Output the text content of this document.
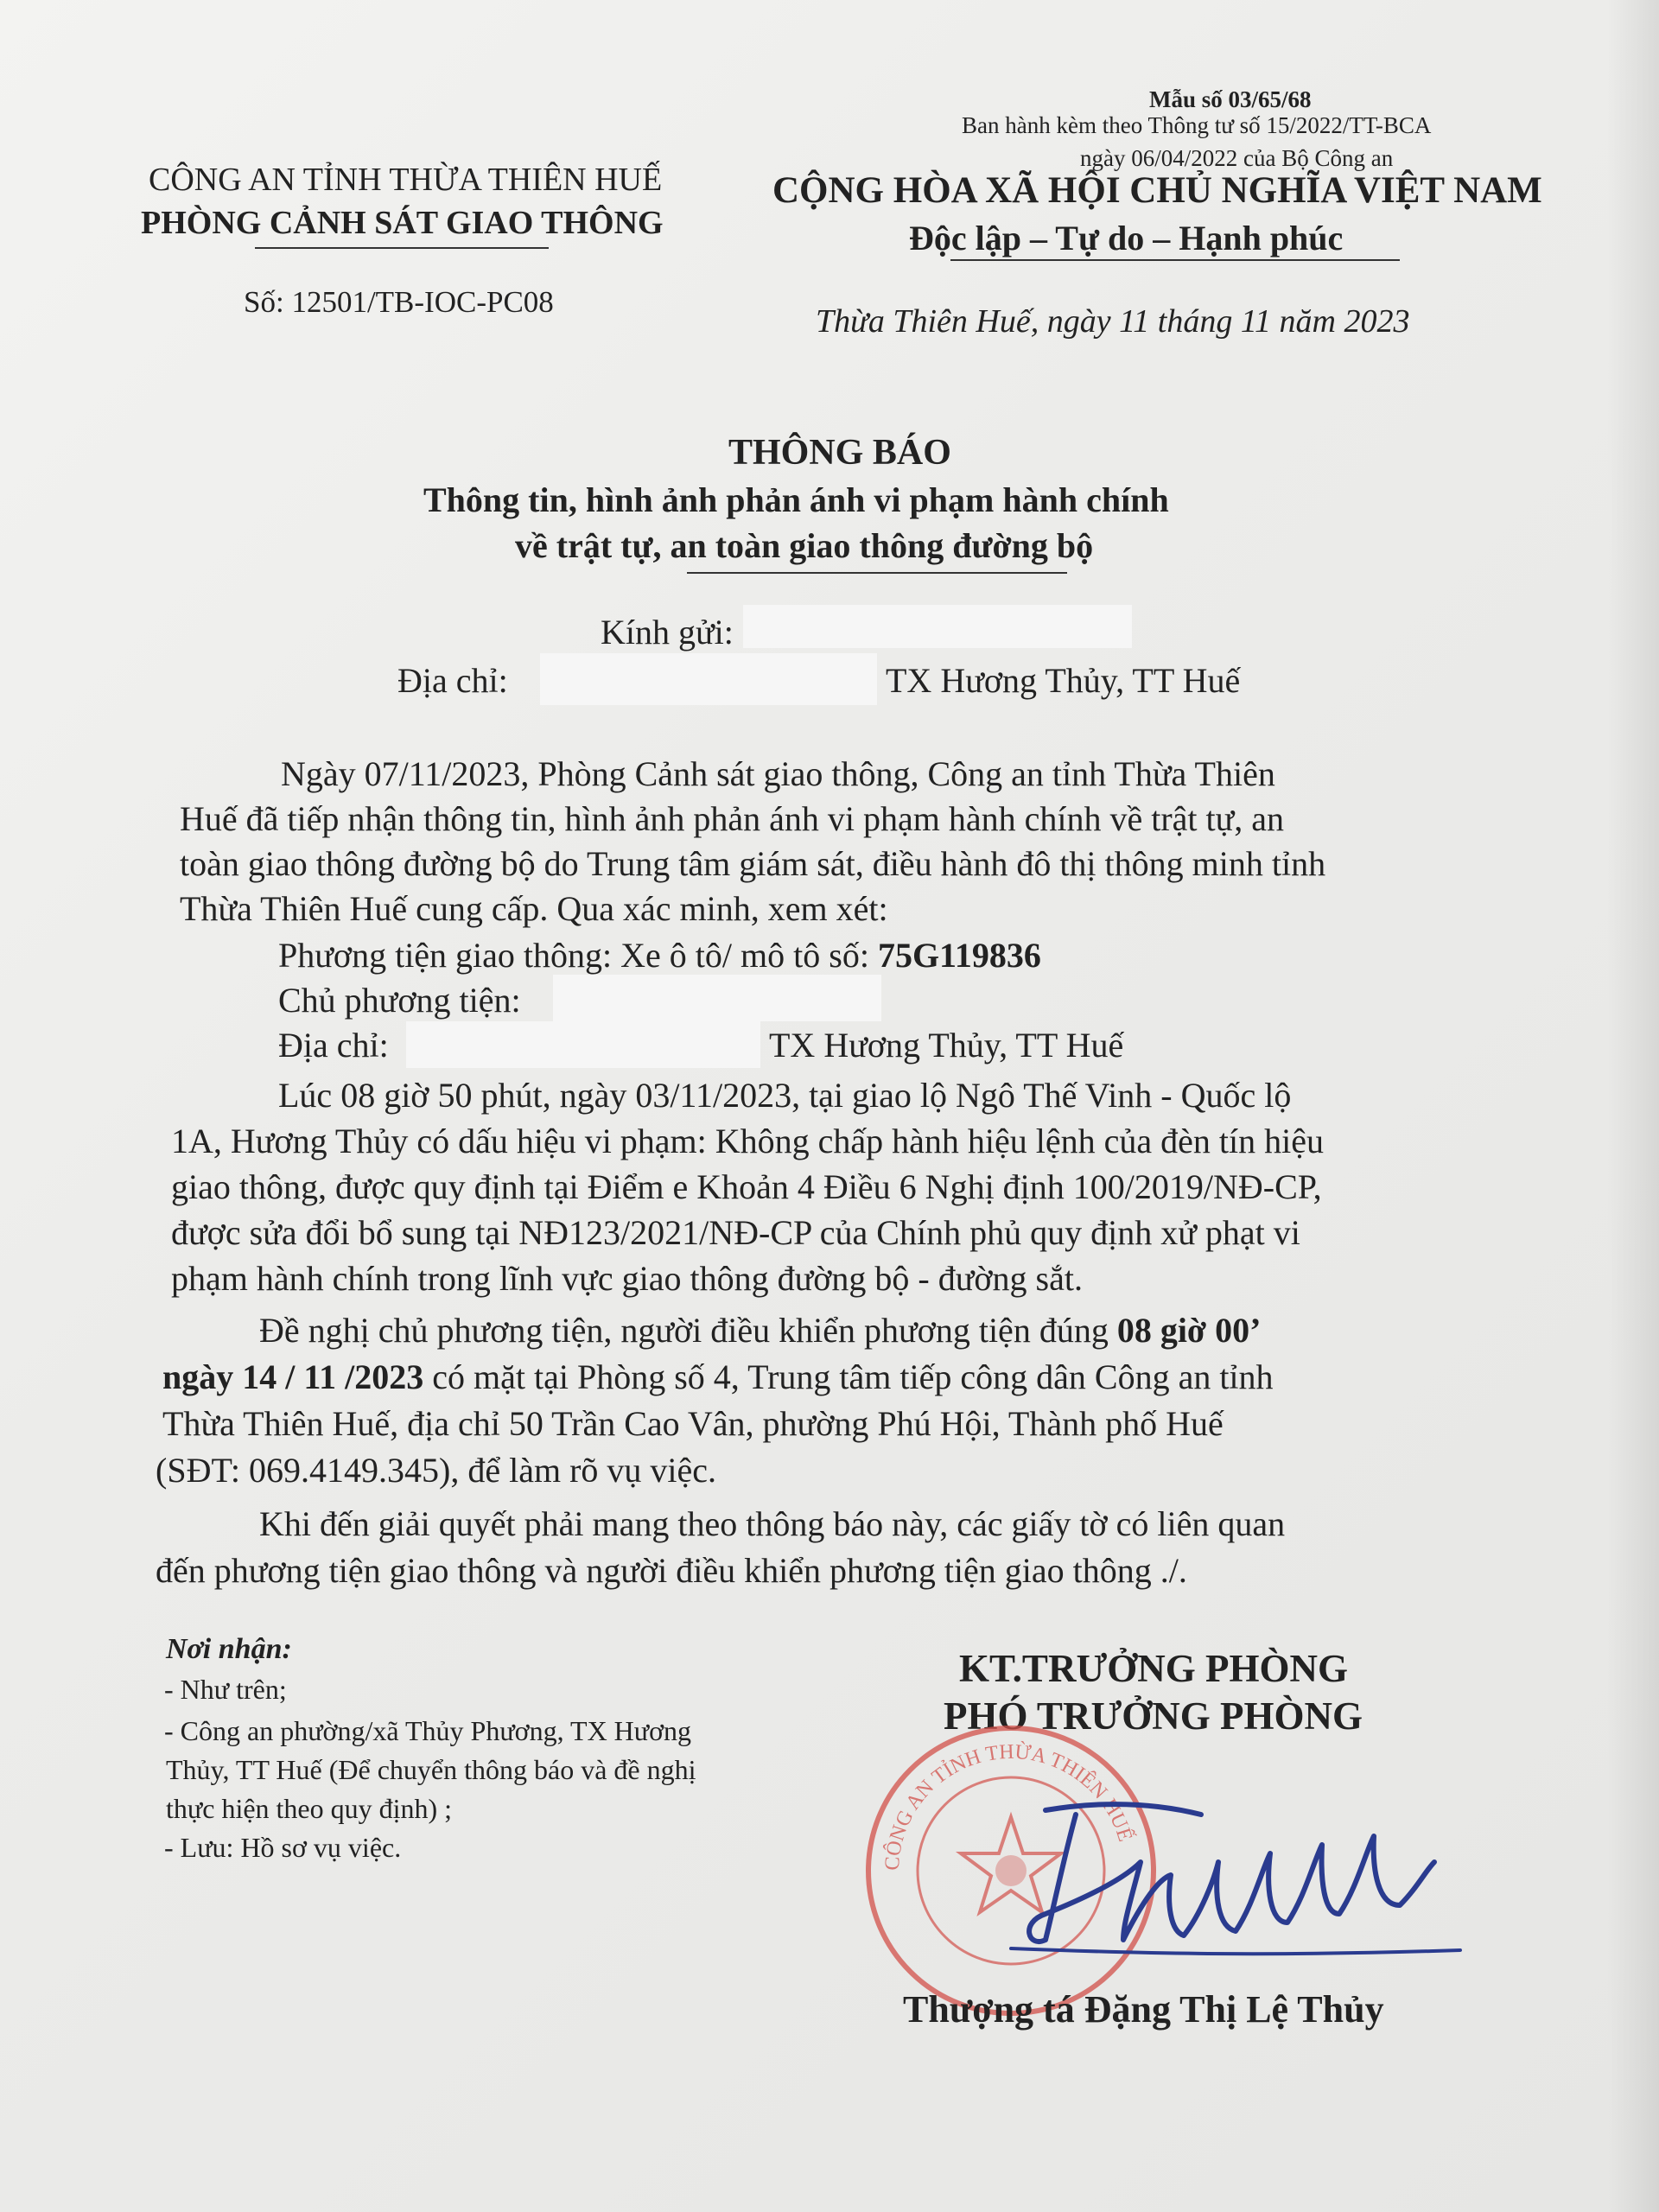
Mẫu số 03/65/68
Ban hành kèm theo Thông tư số 15/2022/TT-BCA
ngày 06/04/2022 của Bộ Công an
CÔNG AN TỈNH THỪA THIÊN HUẾ
PHÒNG CẢNH SÁT GIAO THÔNG
Số: 12501/TB-IOC-PC08
CỘNG HÒA XÃ HỘI CHỦ NGHĨA VIỆT NAM
Độc lập – Tự do – Hạnh phúc
Thừa Thiên Huế, ngày 11 tháng 11 năm 2023
THÔNG BÁO
Thông tin, hình ảnh phản ánh vi phạm hành chính
về trật tự, an toàn giao thông đường bộ
Kính gửi:
Địa chỉ:	TX Hương Thủy, TT Huế
Ngày 07/11/2023, Phòng Cảnh sát giao thông, Công an tỉnh Thừa Thiên
Huế đã tiếp nhận thông tin, hình ảnh phản ánh vi phạm hành chính về trật tự, an
toàn giao thông đường bộ do Trung tâm giám sát, điều hành đô thị thông minh tỉnh
Thừa Thiên Huế cung cấp. Qua xác minh, xem xét:
Phương tiện giao thông: Xe ô tô/ mô tô số: 75G119836
Chủ phương tiện:
Địa chỉ:	TX Hương Thủy, TT Huế
Lúc 08 giờ 50 phút, ngày 03/11/2023, tại giao lộ Ngô Thế Vinh - Quốc lộ
1A, Hương Thủy có dấu hiệu vi phạm: Không chấp hành hiệu lệnh của đèn tín hiệu
giao thông, được quy định tại Điểm e Khoản 4 Điều 6 Nghị định 100/2019/NĐ-CP,
được sửa đổi bổ sung tại NĐ123/2021/NĐ-CP của Chính phủ quy định xử phạt vi
phạm hành chính trong lĩnh vực giao thông đường bộ - đường sắt.
Đề nghị chủ phương tiện, người điều khiển phương tiện đúng 08 giờ 00’
ngày 14 / 11 /2023 có mặt tại Phòng số 4, Trung tâm tiếp công dân Công an tỉnh
Thừa Thiên Huế, địa chỉ 50 Trần Cao Vân, phường Phú Hội, Thành phố Huế
(SĐT: 069.4149.345), để làm rõ vụ việc.
Khi đến giải quyết phải mang theo thông báo này, các giấy tờ có liên quan
đến phương tiện giao thông và người điều khiển phương tiện giao thông ./.
Nơi nhận:
- Như trên;
- Công an phường/xã Thủy Phương, TX Hương
Thủy, TT Huế (Để chuyển thông báo và đề nghị
thực hiện theo quy định) ;
- Lưu: Hồ sơ vụ việc.
KT.TRƯỞNG PHÒNG
PHÓ TRƯỞNG PHÒNG
CÔNG AN TỈNH THỪA THIÊN HUẾ
Thượng tá Đặng Thị Lệ Thủy
